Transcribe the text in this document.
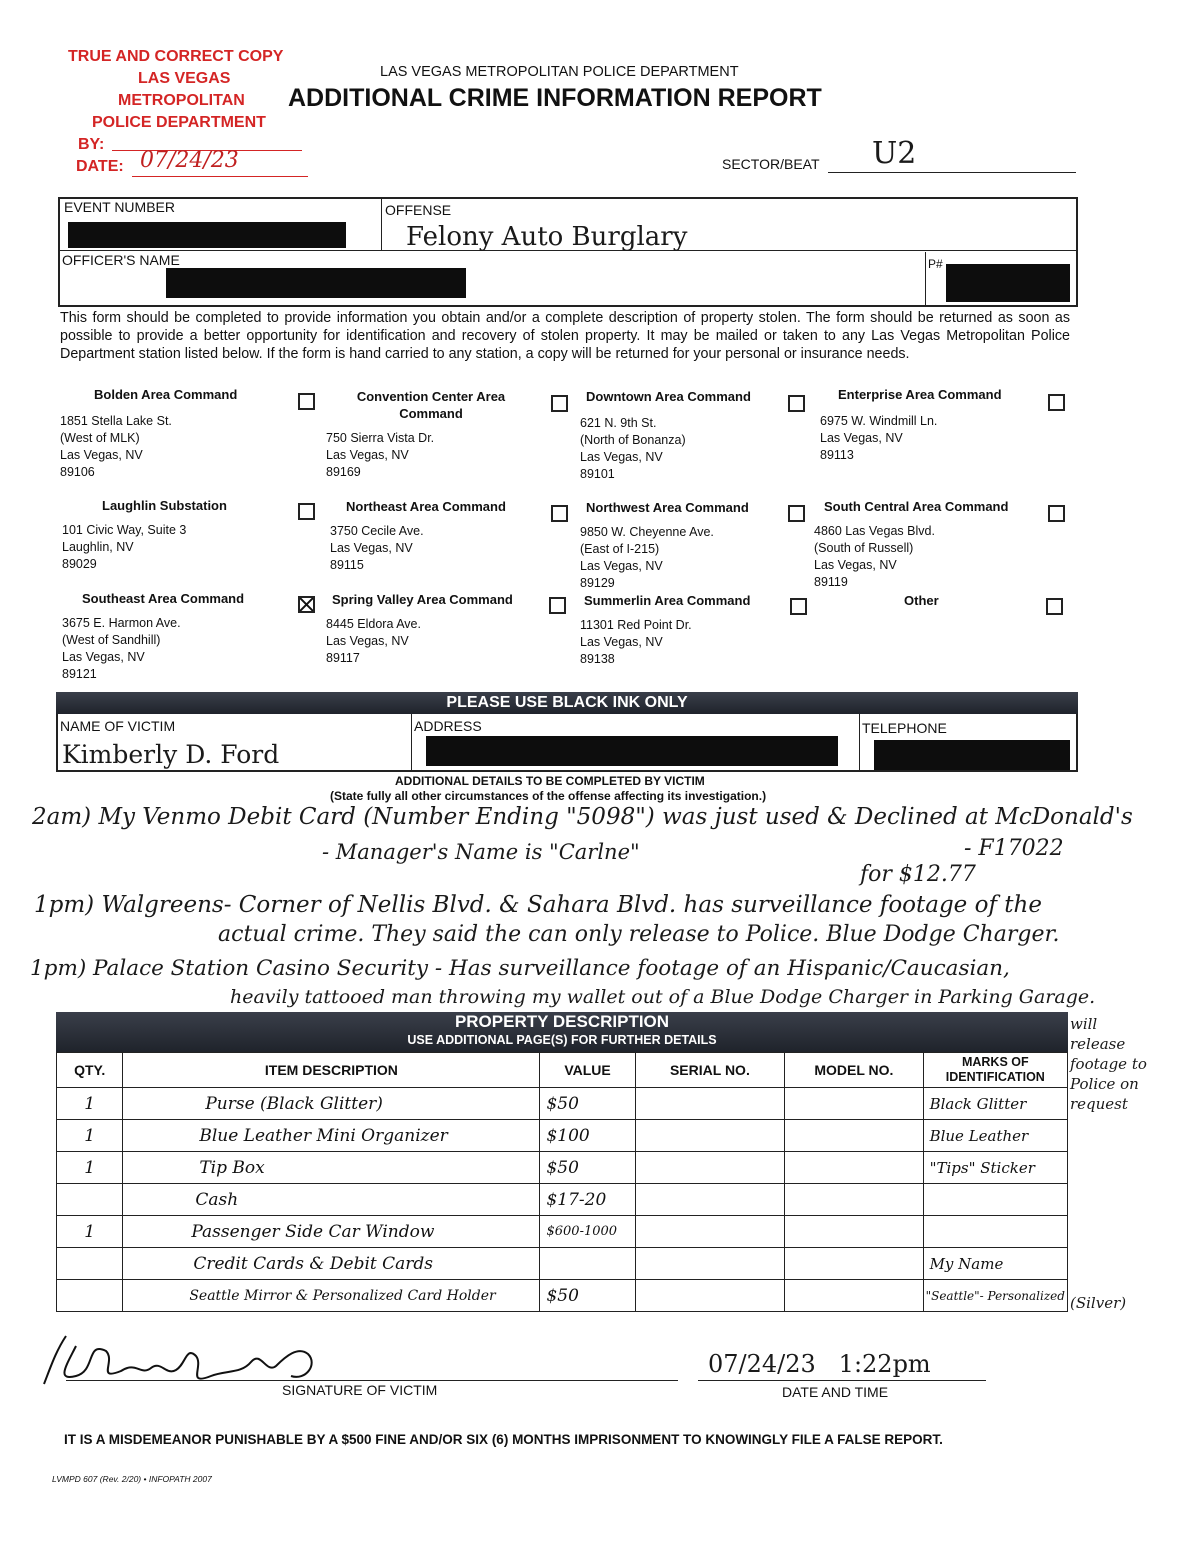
TRUE AND CORRECT COPY
LAS VEGAS
METROPOLITAN
POLICE DEPARTMENT
BY:
DATE: 07/24/23
LAS VEGAS METROPOLITAN POLICE DEPARTMENT
ADDITIONAL CRIME INFORMATION REPORT
SECTOR/BEAT U2
EVENT NUMBER	OFFENSE
Felony Auto Burglary
OFFICER'S NAME	P#
This form should be completed to provide information you obtain and/or a complete description of property stolen. The form should be returned as soon as possible to provide a better opportunity for identification and recovery of stolen property. It may be mailed or taken to any Las Vegas Metropolitan Police Department station listed below. If the form is hand carried to any station, a copy will be returned for your personal or insurance needs.
Bolden Area Command
1851 Stella Lake St.
(West of MLK)
Las Vegas, NV
89106
Convention Center Area Command
750 Sierra Vista Dr.
Las Vegas, NV
89169
Downtown Area Command
621 N. 9th St.
(North of Bonanza)
Las Vegas, NV
89101
Enterprise Area Command
6975 W. Windmill Ln.
Las Vegas, NV
89113
Laughlin Substation
101 Civic Way, Suite 3
Laughlin, NV
89029
Northeast Area Command
3750 Cecile Ave.
Las Vegas, NV
89115
Northwest Area Command
9850 W. Cheyenne Ave.
(East of I-215)
Las Vegas, NV
89129
South Central Area Command
4860 Las Vegas Blvd.
(South of Russell)
Las Vegas, NV
89119
Southeast Area Command
3675 E. Harmon Ave.
(West of Sandhill)
Las Vegas, NV
89121
Spring Valley Area Command
8445 Eldora Ave.
Las Vegas, NV
89117
Summerlin Area Command
11301 Red Point Dr.
Las Vegas, NV
89138
Other
PLEASE USE BLACK INK ONLY
NAME OF VICTIM
Kimberly D. Ford
ADDRESS	TELEPHONE
ADDITIONAL DETAILS TO BE COMPLETED BY VICTIM
(State fully all other circumstances of the offense affecting its investigation.)
2am) My Venmo Debit Card (Number Ending "5098") was just used & Declined at McDonald's
- Manager's Name is "Carlne"	- F17022
for $12.77
1pm) Walgreens- Corner of Nellis Blvd. & Sahara Blvd. has surveillance footage of the
actual crime. They said the can only release to Police. Blue Dodge Charger.
1pm) Palace Station Casino Security - Has surveillance footage of an Hispanic/Caucasian,
heavily tattooed man throwing my wallet out of a Blue Dodge Charger in Parking Garage.
will release footage to Police on request
PROPERTY DESCRIPTION
USE ADDITIONAL PAGE(S) FOR FURTHER DETAILS
QTY.	ITEM DESCRIPTION	VALUE	SERIAL NO.	MODEL NO.	MARKS OF IDENTIFICATION
1	Purse (Black Glitter)	$50			Black Glitter
1	Blue Leather Mini Organizer	$100			Blue Leather
1	Tip Box	$50			"Tips" Sticker
	Cash	$17-20			
1	Passenger Side Car Window	$600-1000			
	Credit Cards & Debit Cards				My Name
	Seattle Mirror & Personalized Card Holder	$50			"Seattle"- Personalized (Silver)
SIGNATURE OF VICTIM
07/24/23   1:22pm
DATE AND TIME
IT IS A MISDEMEANOR PUNISHABLE BY A $500 FINE AND/OR SIX (6) MONTHS IMPRISONMENT TO KNOWINGLY FILE A FALSE REPORT.
LVMPD 607 (Rev. 2/20) • INFOPATH 2007
